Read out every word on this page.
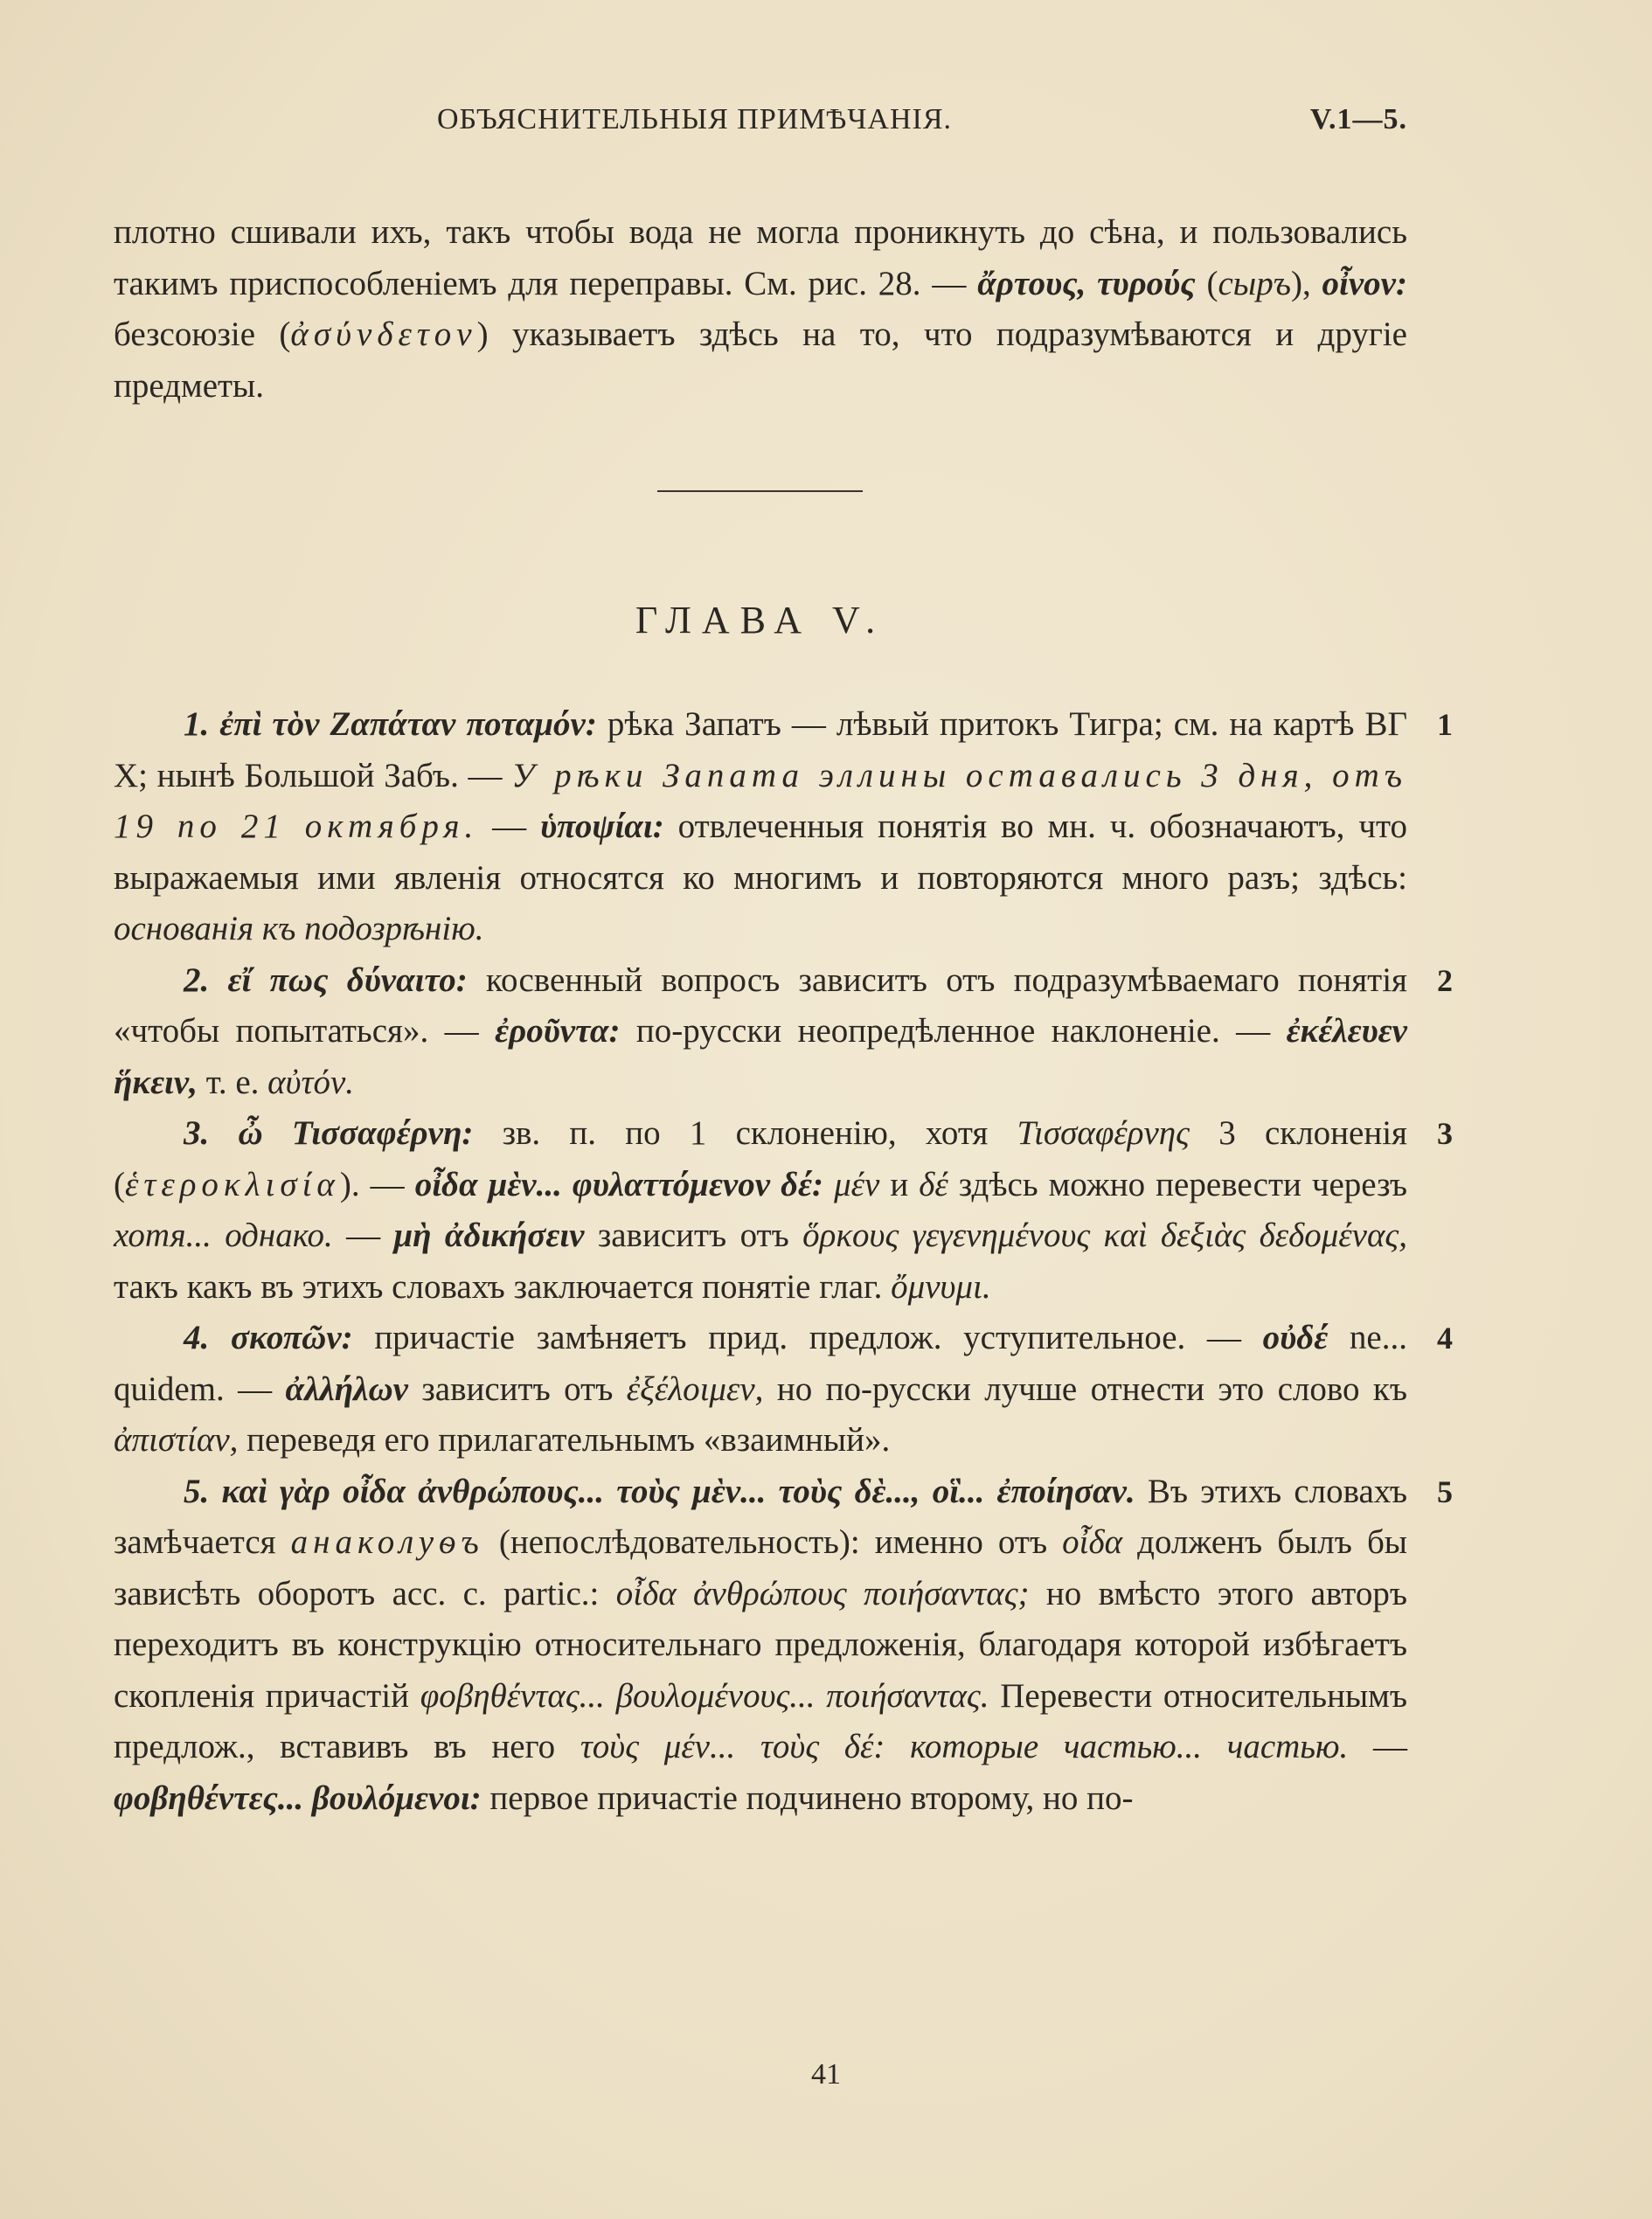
ОБЪЯСНИТЕЛЬНЫЯ ПРИМѢЧАНІЯ.	V.1—5.
плотно сшивали ихъ, такъ чтобы вода не могла проникнуть до сѣна, и пользовались такимъ приспособленіемъ для переправы. См. рис. 28. — ἄρτους, τυρούς (сыръ), οἶνον: безсоюзіе (ἀσύνδετον) указываетъ здѣсь на то, что подразумѣваются и другіе предметы.
ГЛАВА V.

1
1. ἐπὶ τὸν Ζαπάταν ποταμόν: рѣка Запатъ — лѣвый притокъ Тигра; см. на картѣ ВГ X; нынѣ Большой Забъ. — У рѣки Запата эллины оставались 3 дня, отъ 19 по 21 октября. — ὑποψίαι: отвлеченныя понятія во мн. ч. обозначаютъ, что выражаемыя ими явленія относятся ко многимъ и повторяются много разъ; здѣсь: основанія къ подозрѣнію.

2
2. εἴ πως δύναιτο: косвенный вопросъ зависитъ отъ подразумѣваемаго понятія «чтобы попытаться». — ἐροῦντα: по-русски неопредѣленное наклоненіе. — ἐκέλευεν ἥκειν, т. е. αὐτόν.

3
3. ὦ Τισσαφέρνη: зв. п. по 1 склоненію, хотя Τισσαφέρνης 3 склоненія (ἑτεροκλισία). — οἶδα μὲν... φυλαττόμενον δέ: μέν и δέ здѣсь можно перевести черезъ хотя... однако. — μὴ ἀδικήσειν зависитъ отъ ὅρκους γεγενημένους καὶ δεξιὰς δεδομένας, такъ какъ въ этихъ словахъ заключается понятіе глаг. ὄμνυμι.

4
4. σκοπῶν: причастіе замѣняетъ прид. предлож. уступительное. — οὐδέ ne... quidem. — ἀλλήλων зависитъ отъ ἐξέλοιμεν, но по-русски лучше отнести это слово къ ἀπιστίαν, переведя его прилагательнымъ «взаимный».

5
5. καὶ γὰρ οἶδα ἀνθρώπους... τοὺς μὲν... τοὺς δὲ..., οἳ... ἐποίησαν. Въ этихъ словахъ замѣчается анаколуѳъ (непослѣдовательность): именно отъ οἶδα долженъ былъ бы зависѣть оборотъ acc. c. partic.: οἶδα ἀνθρώπους ποιήσαντας; но вмѣсто этого авторъ переходитъ въ конструкцію относительнаго предложенія, благодаря которой избѣгаетъ скопленія причастій φοβηθέντας... βουλομένους... ποιήσαντας. Перевести относительнымъ предлож., вставивъ въ него τοὺς μέν... τοὺς δέ: которые частью... частью. — φοβηθέντες... βουλόμενοι: первое причастіе подчинено второму, но по-

41
